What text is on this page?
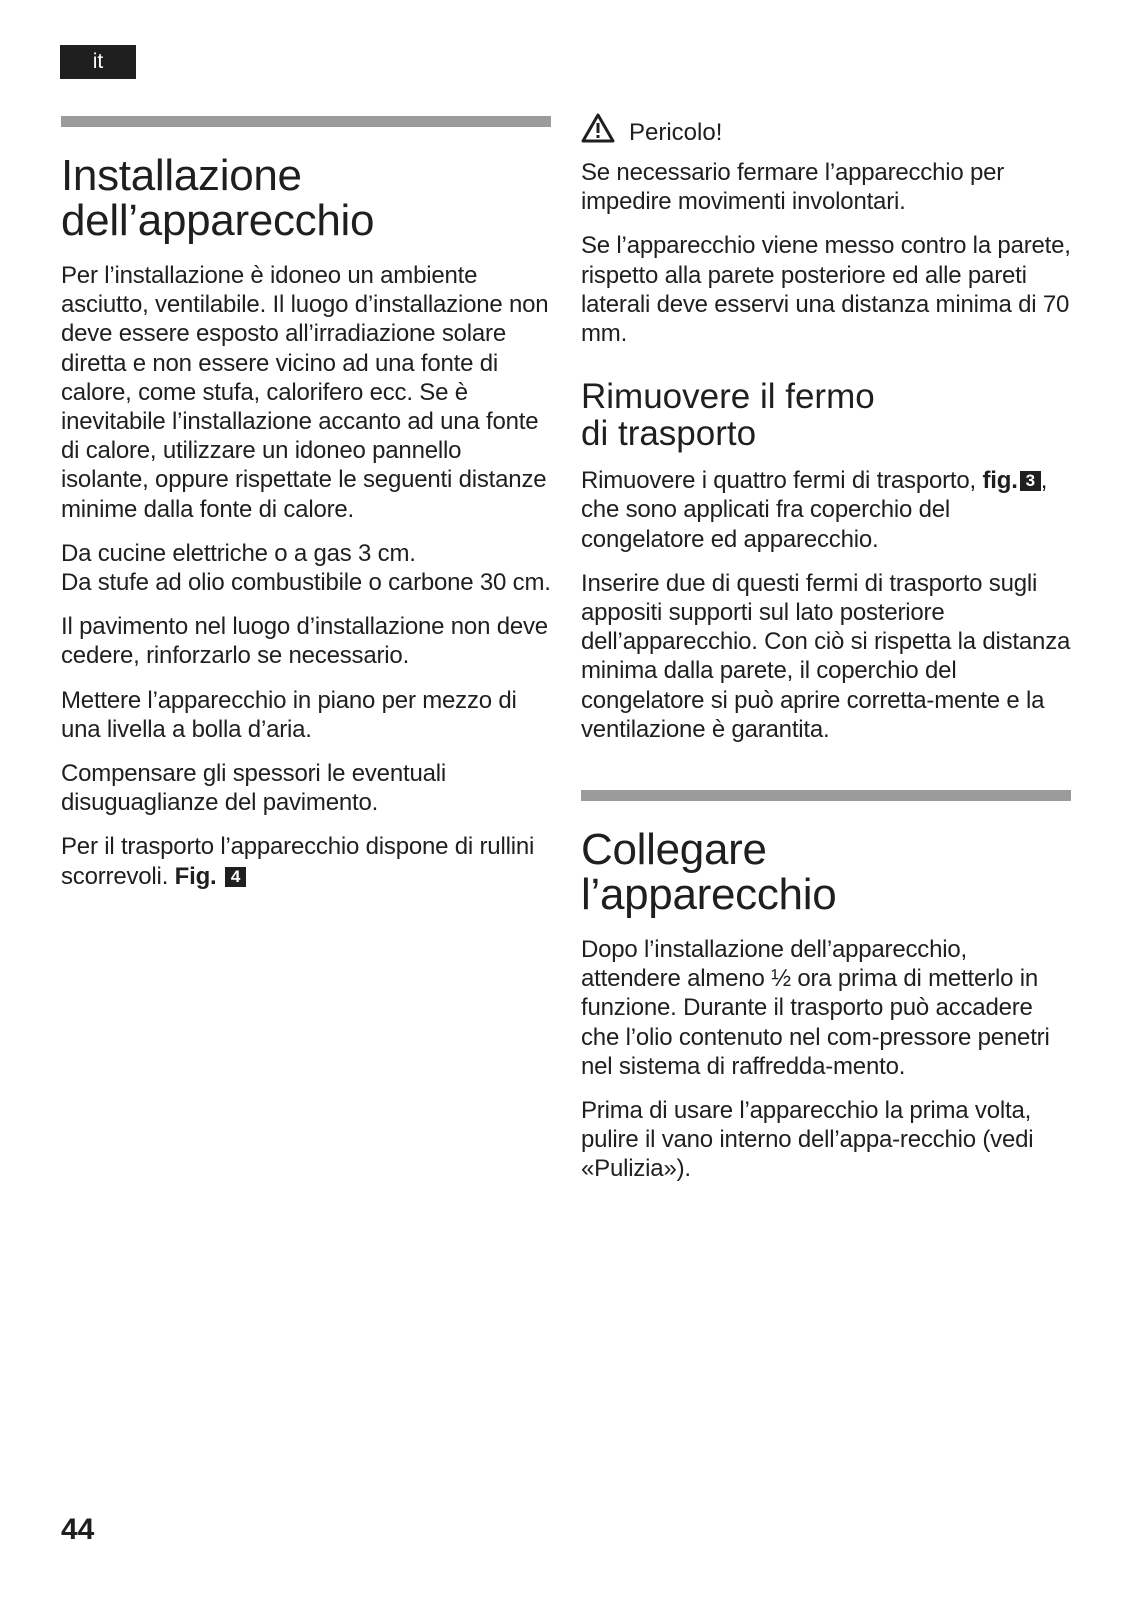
it
Installazione
dell’apparecchio

Per l’installazione è idoneo un ambiente asciutto, ventilabile. Il luogo d’installazione non deve essere esposto all’irradiazione solare diretta e non essere vicino ad una fonte di calore, come stufa, calorifero ecc. Se è inevitabile l’installazione accanto ad una fonte di calore, utilizzare un idoneo pannello isolante, oppure rispettate le seguenti distanze minime dalla fonte di calore.

Da cucine elettriche o a gas 3 cm.
Da stufe ad olio combustibile o carbone 30 cm.

Il pavimento nel luogo d’installazione non deve cedere, rinforzarlo se necessario.

Mettere l’apparecchio in piano per mezzo di una livella a bolla d’aria.

Compensare gli spessori le eventuali disuguaglianze del pavimento.

Per il trasporto l’apparecchio dispone di rullini scorrevoli. Fig. 4

Pericolo!

Se necessario fermare l’apparecchio per impedire movimenti involontari.

Se l’apparecchio viene messo contro la parete, rispetto alla parete posteriore ed alle pareti laterali deve esservi una distanza minima di 70 mm.

Rimuovere il fermo
di trasporto

Rimuovere i quattro fermi di trasporto, fig. 3 , che sono applicati fra coperchio del congelatore ed apparecchio.

Inserire due di questi fermi di trasporto sugli appositi supporti sul lato posteriore dell’apparecchio. Con ciò si rispetta la distanza minima dalla parete, il coperchio del congelatore si può aprire corretta-mente e la ventilazione è garantita.

Collegare
l’apparecchio

Dopo l’installazione dell’apparecchio, attendere almeno ½ ora prima di metterlo in funzione. Durante il trasporto può accadere che l’olio contenuto nel com-pressore penetri nel sistema di raffredda-mento.

Prima di usare l’apparecchio la prima volta, pulire il vano interno dell’appa-recchio (vedi «Pulizia»).

44
